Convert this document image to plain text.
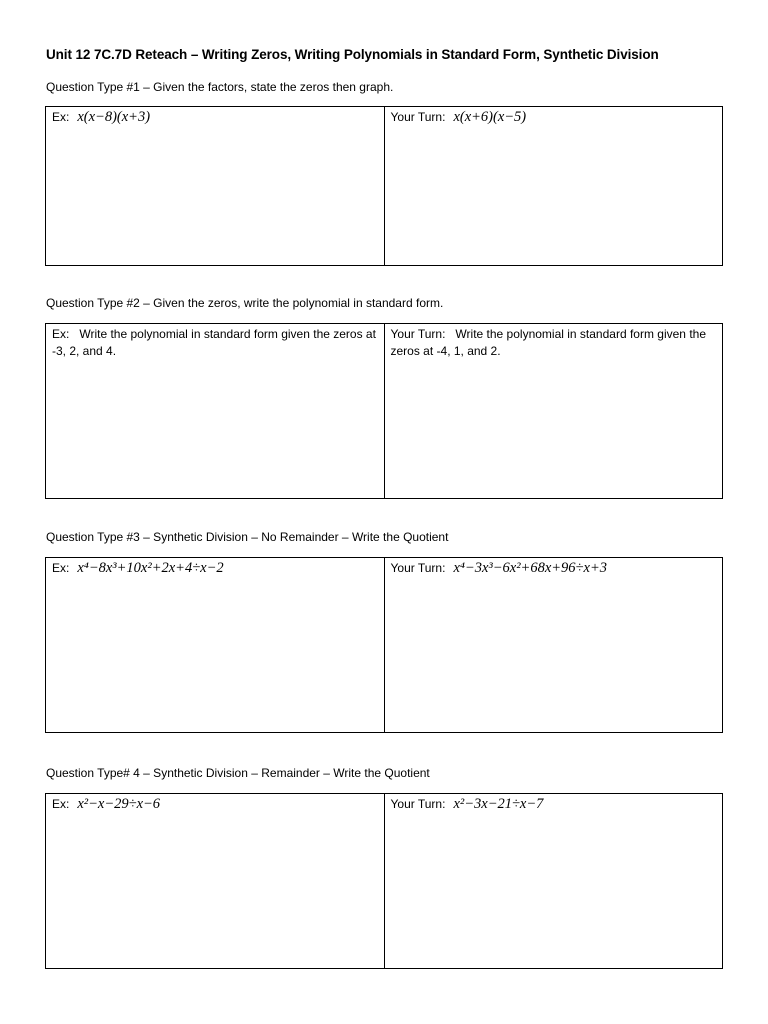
Unit 12 7C.7D Reteach – Writing Zeros, Writing Polynomials in Standard Form, Synthetic Division
Question Type #1 – Given the factors, state the zeros then graph.
Ex: x(x−8)(x+3)	Your Turn: x(x+6)(x−5)
Question Type #2 – Given the zeros, write the polynomial in standard form.
Ex:   Write the polynomial in standard form given the zeros at -3, 2, and 4.	Your Turn:   Write the polynomial in standard form given the zeros at -4, 1, and 2.
Question Type #3 – Synthetic Division – No Remainder – Write the Quotient
Ex: x⁴−8x³+10x²+2x+4÷x−2	Your Turn: x⁴−3x³−6x²+68x+96÷x+3
Question Type# 4 – Synthetic Division – Remainder – Write the Quotient
Ex: x²−x−29÷x−6	Your Turn: x²−3x−21÷x−7
